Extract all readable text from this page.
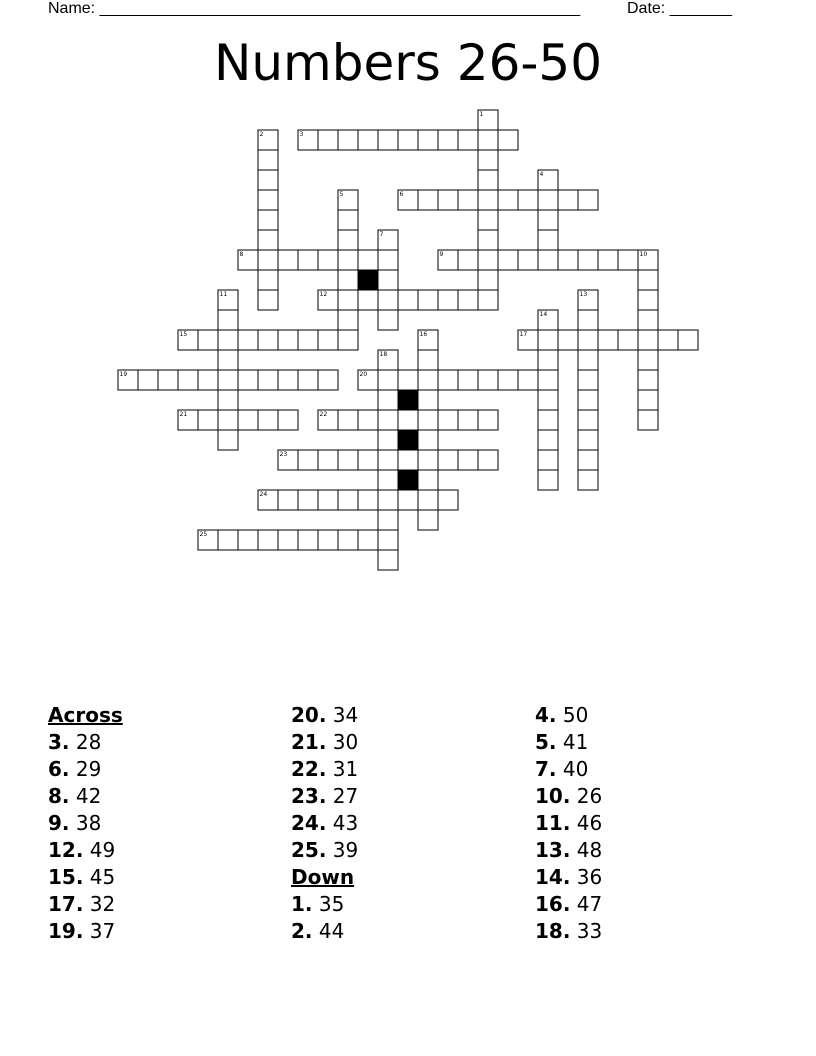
Name: ______________________________________________________	Date: _______
Numbers 26-50
1
2	3
4
5	6
7
8	9	10
11	12	13
14
15	16	17
18
19	20
21	22
23
24
25
Across
3. 28
6. 29
8. 42
9. 38
12. 49
15. 45
17. 32
19. 37
20. 34
21. 30
22. 31
23. 27
24. 43
25. 39
Down
1. 35
2. 44
4. 50
5. 41
7. 40
10. 26
11. 46
13. 48
14. 36
16. 47
18. 33
